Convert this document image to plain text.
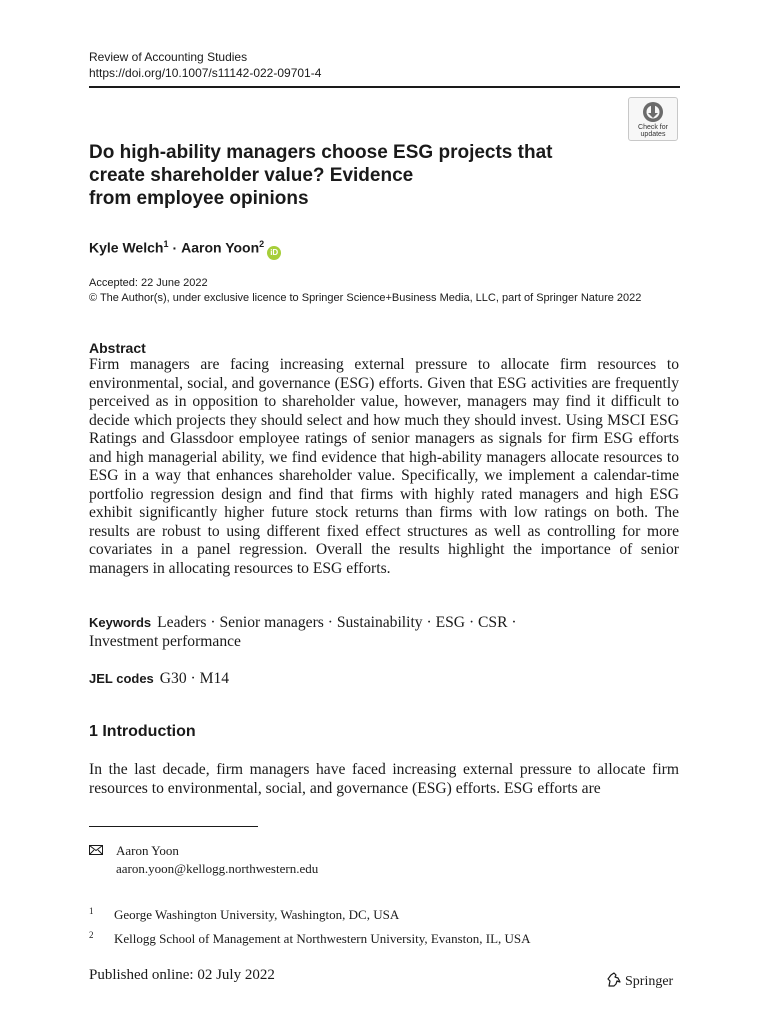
Review of Accounting Studies
https://doi.org/10.1007/s11142-022-09701-4
Check for
updates
Do high-ability managers choose ESG projects that
create shareholder value? Evidence
from employee opinions
Kyle Welch$^1$ · Aaron Yoon$^2$iD
Accepted: 22 June 2022
© The Author(s), under exclusive licence to Springer Science+Business Media, LLC, part of Springer Nature 2022
Abstract

Firm managers are facing increasing external pressure to allocate firm resources to environmental, social, and governance (ESG) efforts. Given that ESG activities are frequently perceived as in opposition to shareholder value, however, managers may find it difficult to decide which projects they should select and how much they should invest. Using MSCI ESG Ratings and Glassdoor employee ratings of senior managers as signals for firm ESG efforts and high managerial ability, we find evidence that high-ability managers allocate resources to ESG in a way that enhances shareholder value. Specifically, we implement a calendar-time portfolio regression design and find that firms with highly rated managers and high ESG exhibit significantly higher future stock returns than firms with low ratings on both. The results are robust to using different fixed effect structures as well as controlling for more covariates in a panel regression. Overall the results highlight the importance of senior managers in allocating resources to ESG efforts.

Keywords Leaders · Senior managers · Sustainability · ESG · CSR ·
Investment performance
JEL codes G30 · M14
1 Introduction

In the last decade, firm managers have faced increasing external pressure to allocate firm resources to environmental, social, and governance (ESG) efforts. ESG efforts are

Aaron Yoon
aaron.yoon@kellogg.northwestern.edu
1 George Washington University, Washington, DC, USA
2 Kellogg School of Management at Northwestern University, Evanston, IL, USA
Published online: 02 July 2022	Springer
